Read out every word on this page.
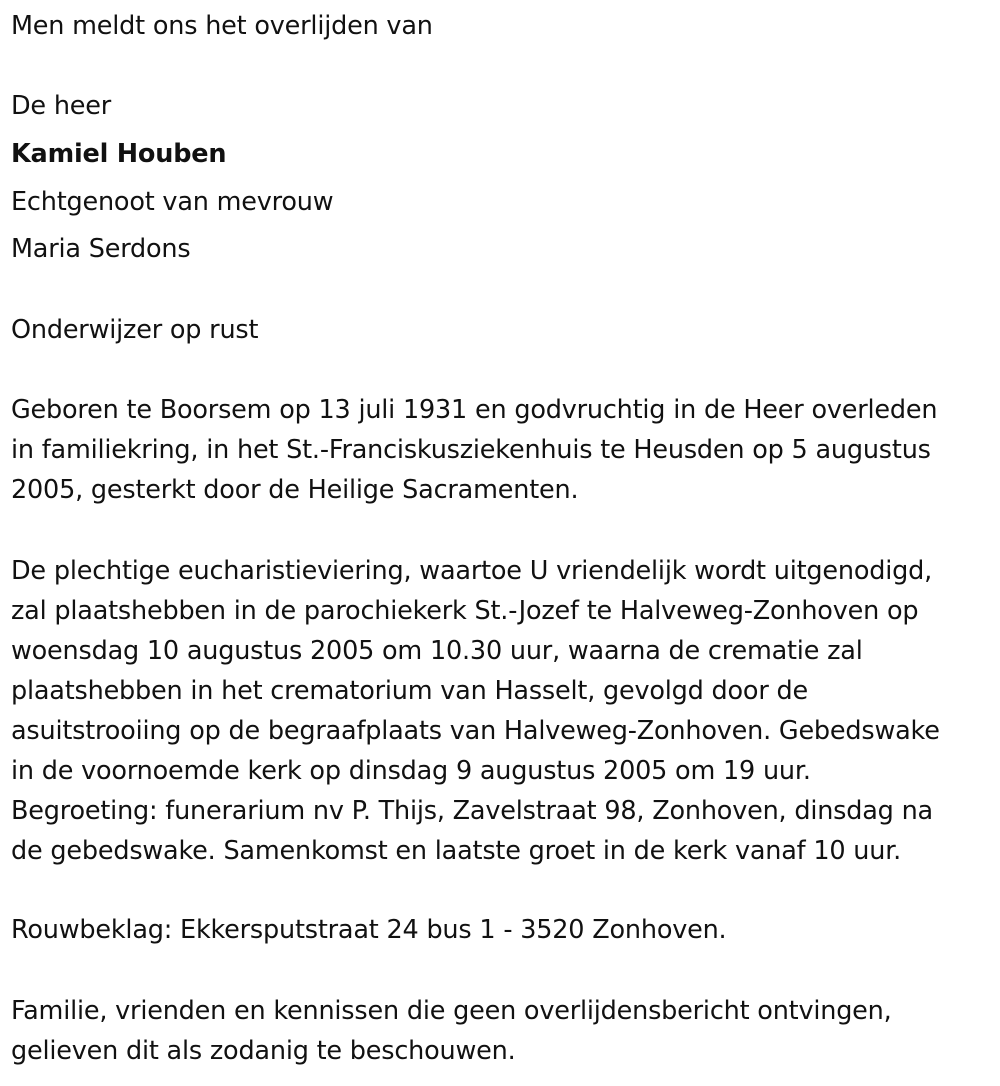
Men meldt ons het overlijden van
De heer
Kamiel Houben
Echtgenoot van mevrouw
Maria Serdons
Onderwijzer op rust
Geboren te Boorsem op 13 juli 1931 en godvruchtig in de Heer overleden
in familiekring, in het St.-Franciskusziekenhuis te Heusden op 5 augustus
2005, gesterkt door de Heilige Sacramenten.
De plechtige eucharistieviering, waartoe U vriendelijk wordt uitgenodigd,
zal plaatshebben in de parochiekerk St.-Jozef te Halveweg-Zonhoven op
woensdag 10 augustus 2005 om 10.30 uur, waarna de crematie zal
plaatshebben in het crematorium van Hasselt, gevolgd door de
asuitstrooiing op de begraafplaats van Halveweg-Zonhoven. Gebedswake
in de voornoemde kerk op dinsdag 9 augustus 2005 om 19 uur.
Begroeting: funerarium nv P. Thijs, Zavelstraat 98, Zonhoven, dinsdag na
de gebedswake. Samenkomst en laatste groet in de kerk vanaf 10 uur.
Rouwbeklag: Ekkersputstraat 24 bus 1 - 3520 Zonhoven.
Familie, vrienden en kennissen die geen overlijdensbericht ontvingen,
gelieven dit als zodanig te beschouwen.
